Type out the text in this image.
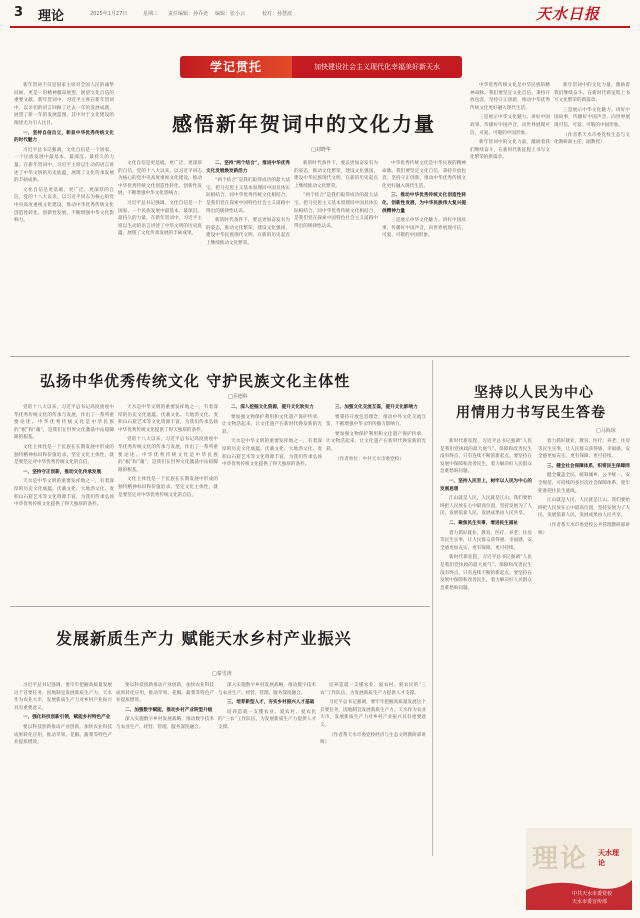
3 理论	2025年1月27日	星期三 责任编辑：孙乔尧 编辑：张小云	校对：孙慧波	天水日报
学记贯托	加快建设社会主义现代化幸福美好新天水

新年贺词不仅是国家主席对全国人民的诚挚问候，更是一份精神激昂展望，展望文化自信的重要文献。新年贺词中，习近平主席在新年贺词中，以亲切的语言回顾了过去一年的发展成就，展望了新一年的发展蓝图，其中对于文化建设的阐述尤为引人注目。

一、坚持自信自立，彰显中华优秀传统文化的时代魅力

习近平总书记强调，文化自信是一个国家、一个民族发展中最基本、最深沉、最持久的力量。在新年贺词中，习近平主席以生动的语言讲述了中华文明的历史底蕴，展现了文化传承发展的丰硕成果。

文化自信是更基础、更广泛、更深厚的自信。党的十八大以来，以习近平同志为核心的党中央高度重视文化建设，推动中华优秀传统文化创造性转化、创新性发展，不断增强中华文化影响力。

感悟新年贺词中的文化力量
□刘晓华

文化自信是更基础、更广泛、更深厚的自信。党的十八大以来，以习近平同志为核心的党中央高度重视文化建设，推动中华优秀传统文化创造性转化、创新性发展，不断增强中华文化影响力。

习近平总书记强调，文化自信是一个国家、一个民族发展中最基本、最深沉、最持久的力量。在新年贺词中，习近平主席以生动的语言讲述了中华文明的历史底蕴，展现了文化传承发展的丰硕成果。

二、坚持“两个结合”，推进中华优秀文化发展焕发新活力

“两个结合”是我们取得成功的最大法宝。把马克思主义基本原理同中国具体实际相结合、同中华优秀传统文化相结合，是我们党在探索中国特色社会主义道路中得出的规律性认识。

新的时代条件下，要以更加奋发有为的姿态，推动文化繁荣，建设文化强国，建设中华民族现代文明，在新的历史起点上继续推动文化繁荣。

新的时代条件下，要以更加奋发有为的姿态，推动文化繁荣，建设文化强国，建设中华民族现代文明，在新的历史起点上继续推动文化繁荣。

“两个结合”是我们取得成功的最大法宝。把马克思主义基本原理同中国具体实际相结合、同中华优秀传统文化相结合，是我们党在探索中国特色社会主义道路中得出的规律性认识。

中华优秀传统文化是中华民族的精神命脉。我们要坚定文化自信，秉持开放包容，坚持守正创新，推动中华优秀传统文化更好融入现代生活。

三、推动中华优秀传统文化创造性转化、创新性发展，为中华民族伟大复兴提供精神力量

三是展示中华文化魅力。讲好中国故事，传播好中国声音，向世界展现可信、可爱、可敬的中国形象。

中华优秀传统文化是中华民族的精神命脉。我们要坚定文化自信，秉持开放包容，坚持守正创新，推动中华优秀传统文化更好融入现代生活。

三是展示中华文化魅力。讲好中国故事，传播好中国声音，向世界展现可信、可爱、可敬的中国形象。

新年贺词中的文化力量，激励着我们继续奋斗，在新时代新征程上书写文化繁荣的新篇章。

新年贺词中的文化力量，激励着我们继续奋斗，在新时代新征程上书写文化繁荣的新篇章。

三是展示中华文化魅力。讲好中国故事，传播好中国声音，向世界展现可信、可爱、可敬的中国形象。

（作者系天水市委党校生态与文化教研部主任、副教授）

弘扬中华优秀传统文化 守护民族文化主体性
□乔德科

党的十八大以来，习近平总书记高度重视中华优秀传统文化的传承与发展，作出了一系列重要论述。中华优秀传统文化是中华民族的“根”和“魂”，是我们在世界文化激荡中站稳脚跟的根基。

文化主体性是一个民族在长期发展中形成的独特精神标识和价值追求。坚定文化主体性，就是要坚定对中华优秀传统文化的自信。

一、坚持守正创新，推动文化传承发展

天水是中华文明的重要发祥地之一，有着深厚的历史文化底蕴。伏羲文化、大地湾文化、麦积山石窟艺术等文化资源丰富，为我们传承弘扬中华优秀传统文化提供了得天独厚的条件。

天水是中华文明的重要发祥地之一，有着深厚的历史文化底蕴。伏羲文化、大地湾文化、麦积山石窟艺术等文化资源丰富，为我们传承弘扬中华优秀传统文化提供了得天独厚的条件。

党的十八大以来，习近平总书记高度重视中华优秀传统文化的传承与发展，作出了一系列重要论述。中华优秀传统文化是中华民族的“根”和“魂”，是我们在世界文化激荡中站稳脚跟的根基。

文化主体性是一个民族在长期发展中形成的独特精神标识和价值追求。坚定文化主体性，就是要坚定对中华优秀传统文化的自信。

二、深入挖掘文化资源，提升文化软实力

要加强文物保护利用和文化遗产保护传承，让文物活起来，让文化遗产在新时代焕发新的光彩。

天水是中华文明的重要发祥地之一，有着深厚的历史文化底蕴。伏羲文化、大地湾文化、麦积山石窟艺术等文化资源丰富，为我们传承弘扬中华优秀传统文化提供了得天独厚的条件。

三、加强文化交流互鉴，提升文化影响力

要秉持开放包容理念，推动中外文化交流互鉴，不断增强中华文明传播力影响力。

要加强文物保护利用和文化遗产保护传承，让文物活起来，让文化遗产在新时代焕发新的光彩。

（作者单位：中共天水市委党校）

坚持以人民为中心
用情用力书写民生答卷
□马海琼

新时代新征程，习近平总书记强调“人民是我们党执政的最大底气”。保障和改善民生没有终点，只有连续不断的新起点。要坚持在发展中保障和改善民生，着力解决好人民群众急难愁盼问题。

一、坚持人民至上，树牢以人民为中心的发展思想

江山就是人民，人民就是江山。我们要始终把人民放在心中最高位置，坚持发展为了人民、发展依靠人民、发展成果由人民共享。

二、聚焦民生实事，增进民生福祉

着力抓好就业、教育、医疗、养老、住房等民生实事，让人民群众获得感、幸福感、安全感更加充实、更有保障、更可持续。

新时代新征程，习近平总书记强调“人民是我们党执政的最大底气”。保障和改善民生没有终点，只有连续不断的新起点。要坚持在发展中保障和改善民生，着力解决好人民群众急难愁盼问题。

着力抓好就业、教育、医疗、养老、住房等民生实事，让人民群众获得感、幸福感、安全感更加充实、更有保障、更可持续。

三、健全社会保障体系，织密民生保障网

健全覆盖全民、统筹城乡、公平统一、安全规范、可持续的多层次社会保障体系，兜牢兜准兜住民生底线。

江山就是人民，人民就是江山。我们要始终把人民放在心中最高位置，坚持发展为了人民、发展依靠人民、发展成果由人民共享。

（作者系天水市委党校公共管理教研部讲师）

发展新质生产力 赋能天水乡村产业振兴
□秦雪涛

习近平总书记强调，要牢牢把握高质量发展这个首要任务，因地制宜发展新质生产力。天水作为农业大市，发展新质生产力对乡村产业振兴具有重要意义。

一、强化科技创新引领，赋能乡村特色产业

要以科技创新推动产业创新，加快农业科技成果转化应用，推动苹果、花椒、蔬菜等特色产业提质增效。

要以科技创新推动产业创新，加快农业科技成果转化应用，推动苹果、花椒、蔬菜等特色产业提质增效。

二、加强数字赋能，推动乡村产业转型升级

深入实施数字乡村发展战略，推动数字技术与农业生产、经营、管理、服务深度融合。

深入实施数字乡村发展战略，推动数字技术与农业生产、经营、管理、服务深度融合。

三、培育新型人才，夯实乡村振兴人才基础

培养造就一支懂农业、爱农村、爱农民的“三农”工作队伍，为发展新质生产力提供人才支撑。

培养造就一支懂农业、爱农村、爱农民的“三农”工作队伍，为发展新质生产力提供人才支撑。

习近平总书记强调，要牢牢把握高质量发展这个首要任务，因地制宜发展新质生产力。天水作为农业大市，发展新质生产力对乡村产业振兴具有重要意义。

（作者系天水市委党校经济与生态文明教研部讲师）

理论 天水理论
中共天水市委党校
天水市委宣传部
